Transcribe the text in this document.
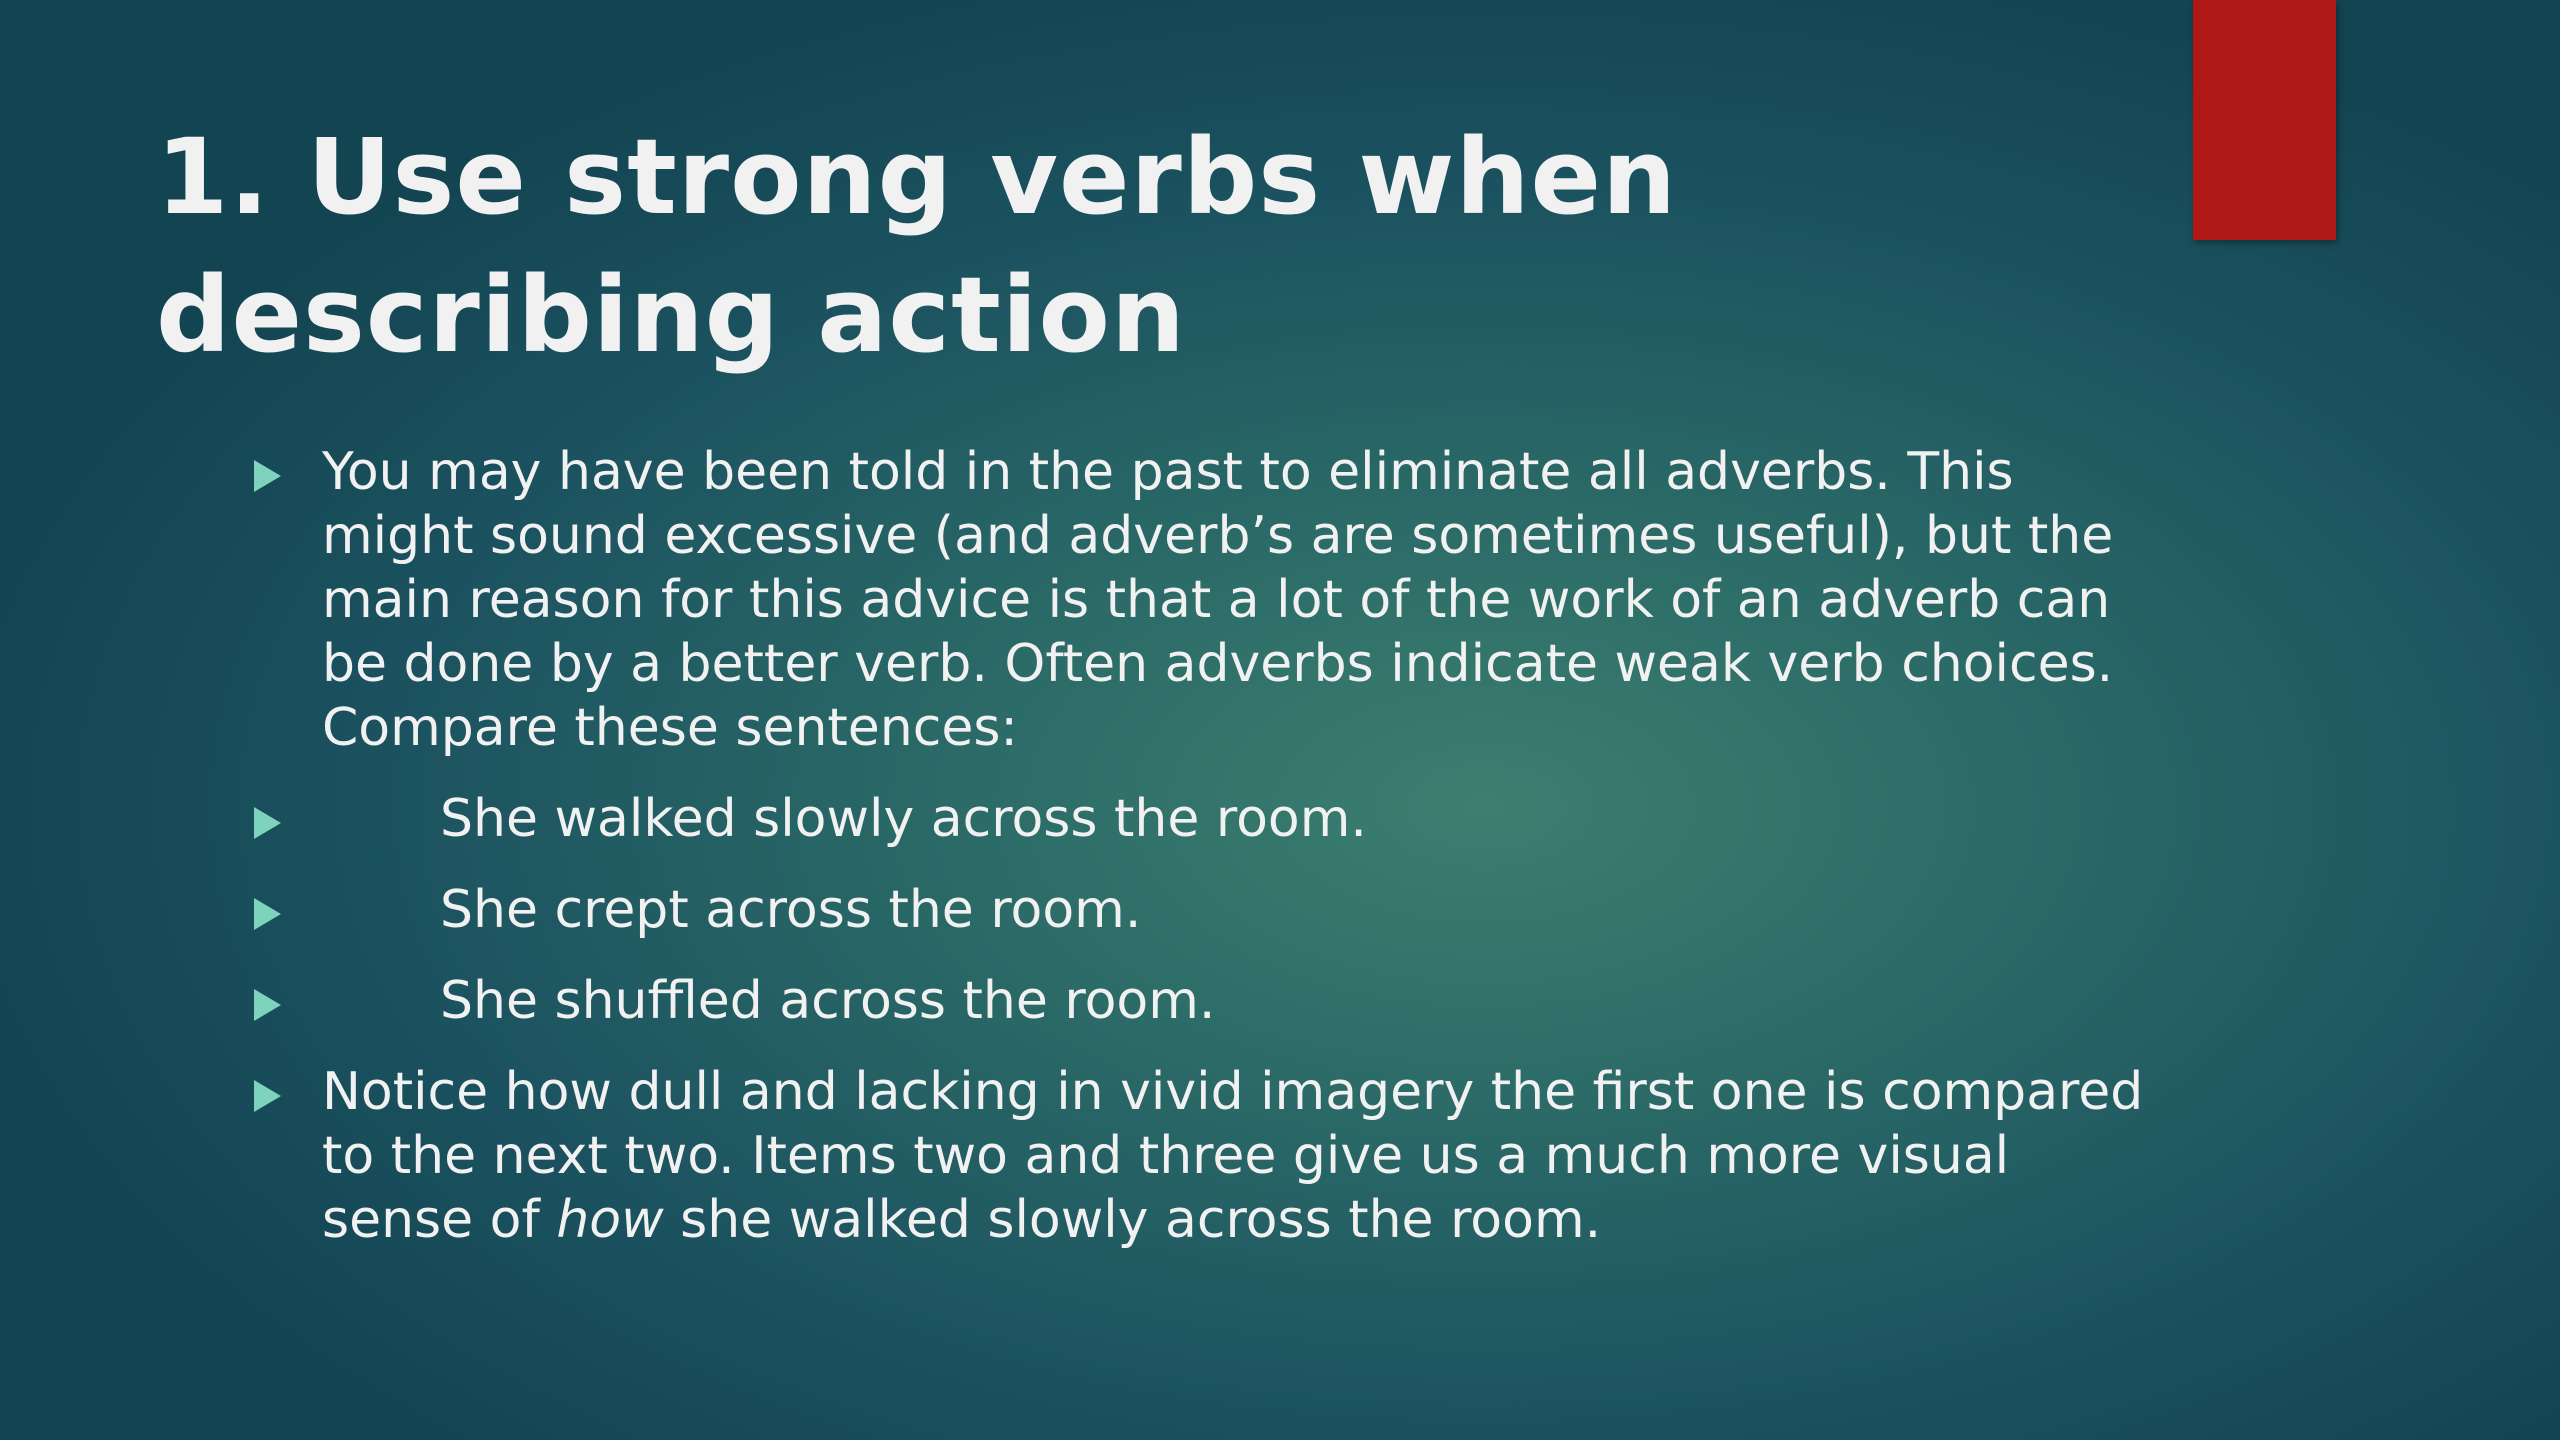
1. Use strong verbs when describing action
You may have been told in the past to eliminate all adverbs. This might sound excessive (and adverb’s are sometimes useful), but the main reason for this advice is that a lot of the work of an adverb can be done by a better verb. Often adverbs indicate weak verb choices. Compare these sentences:
She walked slowly across the room.
She crept across the room.
She shuffled across the room.
Notice how dull and lacking in vivid imagery the first one is compared to the next two. Items two and three give us a much more visual sense of how she walked slowly across the room.
